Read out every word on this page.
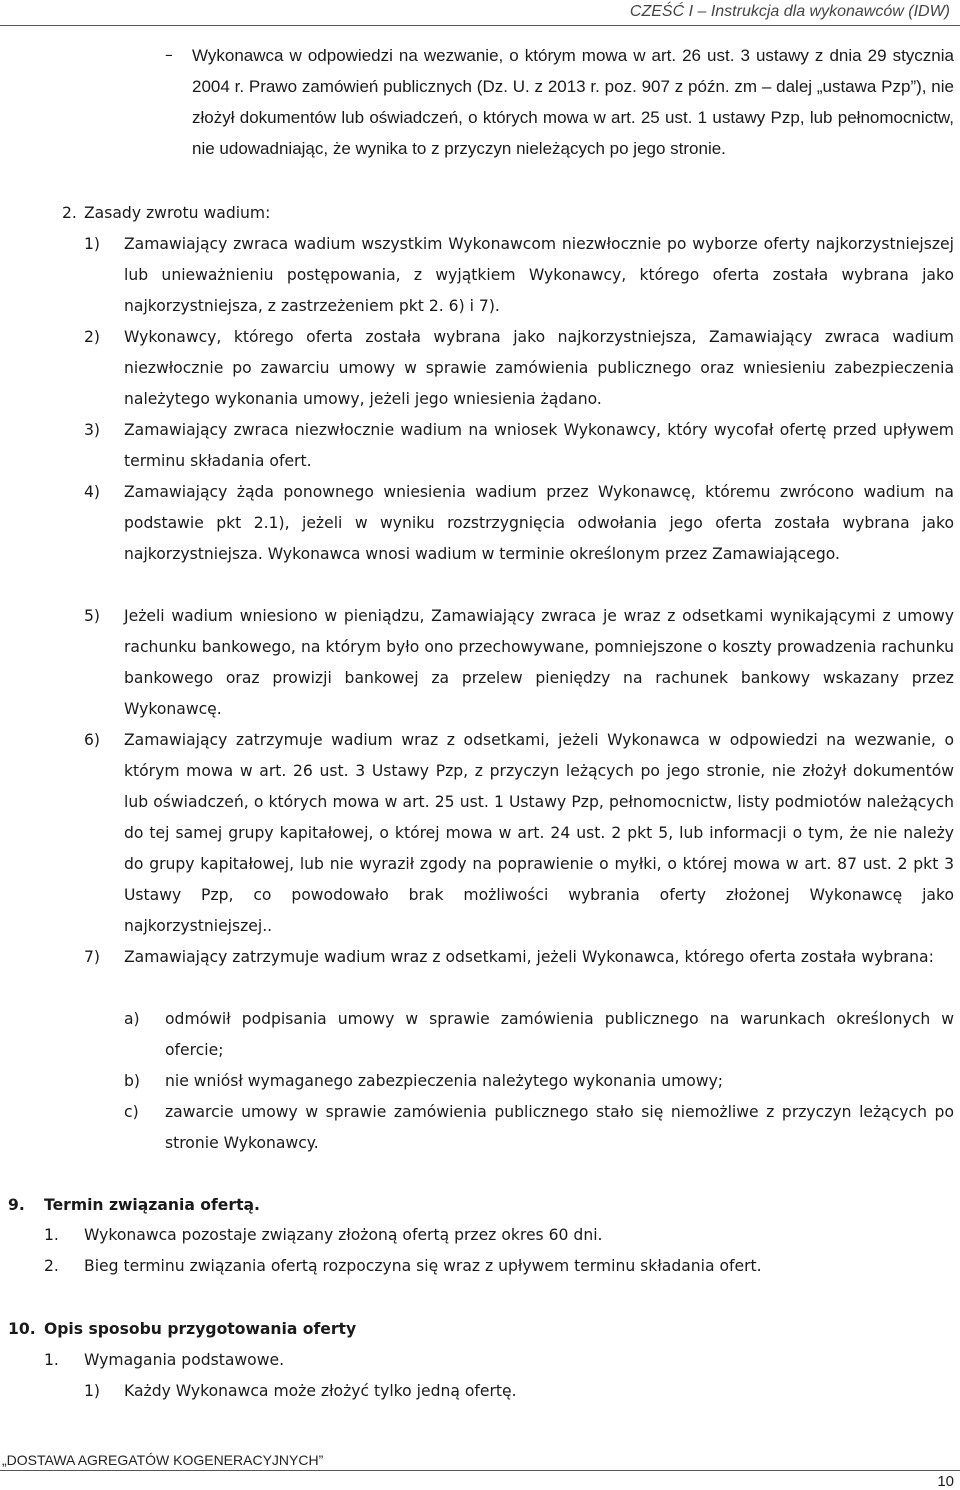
CZEŚĆ I – Instrukcja dla wykonawców (IDW)
– Wykonawca w odpowiedzi na wezwanie, o którym mowa w art. 26 ust. 3 ustawy z dnia 29 stycznia 2004 r. Prawo zamówień publicznych (Dz. U. z 2013 r. poz. 907 z późn. zm – dalej „ustawa Pzp”), nie złożył dokumentów lub oświadczeń, o których mowa w art. 25 ust. 1 ustawy Pzp, lub pełnomocnictw, nie udowadniając, że wynika to z przyczyn nieleżących po jego stronie.
2. Zasady zwrotu wadium:
1) Zamawiający zwraca wadium wszystkim Wykonawcom niezwłocznie po wyborze oferty najkorzystniejszej lub unieważnieniu postępowania, z wyjątkiem Wykonawcy, którego oferta została wybrana jako najkorzystniejsza, z zastrzeżeniem pkt 2. 6) i 7).
2) Wykonawcy, którego oferta została wybrana jako najkorzystniejsza, Zamawiający zwraca wadium niezwłocznie po zawarciu umowy w sprawie zamówienia publicznego oraz wniesieniu zabezpieczenia należytego wykonania umowy, jeżeli jego wniesienia żądano.
3) Zamawiający zwraca niezwłocznie wadium na wniosek Wykonawcy, który wycofał ofertę przed upływem terminu składania ofert.
4) Zamawiający żąda ponownego wniesienia wadium przez Wykonawcę, któremu zwrócono wadium na podstawie pkt 2.1), jeżeli w wyniku rozstrzygnięcia odwołania jego oferta została wybrana jako najkorzystniejsza. Wykonawca wnosi wadium w terminie określonym przez Zamawiającego.
5) Jeżeli wadium wniesiono w pieniądzu, Zamawiający zwraca je wraz z odsetkami wynikającymi z umowy rachunku bankowego, na którym było ono przechowywane, pomniejszone o koszty prowadzenia rachunku bankowego oraz prowizji bankowej za przelew pieniędzy na rachunek bankowy wskazany przez Wykonawcę.
6) Zamawiający zatrzymuje wadium wraz z odsetkami, jeżeli Wykonawca w odpowiedzi na wezwanie, o którym mowa w art. 26 ust. 3 Ustawy Pzp, z przyczyn leżących po jego stronie, nie złożył dokumentów lub oświadczeń, o których mowa w art. 25 ust. 1 Ustawy Pzp, pełnomocnictw, listy podmiotów należących do tej samej grupy kapitałowej, o której mowa w art. 24 ust. 2 pkt 5, lub informacji o tym, że nie należy do grupy kapitałowej, lub nie wyraził zgody na poprawienie o myłki, o której mowa w art. 87 ust. 2 pkt 3 Ustawy Pzp, co powodowało brak możliwości wybrania oferty złożonej Wykonawcę jako najkorzystniejszej..
7) Zamawiający zatrzymuje wadium wraz z odsetkami, jeżeli Wykonawca, którego oferta została wybrana:
a) odmówił podpisania umowy w sprawie zamówienia publicznego na warunkach określonych w ofercie;
b) nie wniósł wymaganego zabezpieczenia należytego wykonania umowy;
c) zawarcie umowy w sprawie zamówienia publicznego stało się niemożliwe z przyczyn leżących po stronie Wykonawcy.
9. Termin związania ofertą.
1. Wykonawca pozostaje związany złożoną ofertą przez okres 60 dni.
2. Bieg terminu związania ofertą rozpoczyna się wraz z upływem terminu składania ofert.
10. Opis sposobu przygotowania oferty
1. Wymagania podstawowe.
1) Każdy Wykonawca może złożyć tylko jedną ofertę.
„DOSTAWA AGREGATÓW KOGENERACYJNYCH”
10
